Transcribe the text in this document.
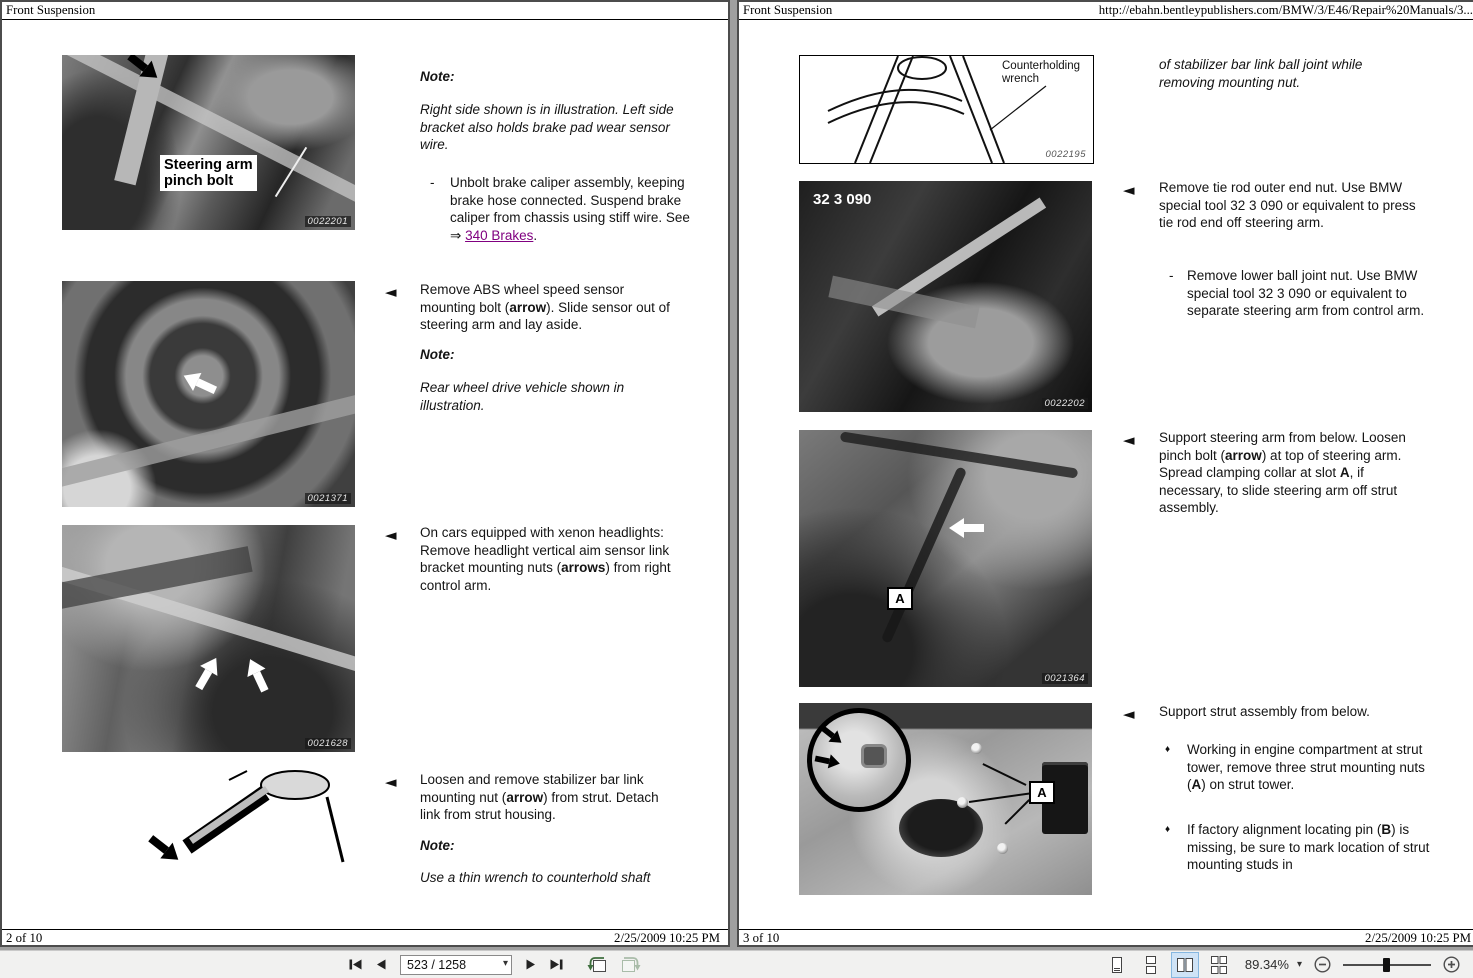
Front Suspension
Steering arm
pinch bolt
0022201
0021371
0021628
Note:
Right side shown is in illustration. Left side bracket also holds brake pad wear sensor wire.
- Unbolt brake caliper assembly, keeping brake hose connected. Suspend brake caliper from chassis using stiff wire. See ⇒ 340 Brakes.
◄ Remove ABS wheel speed sensor mounting bolt (arrow). Slide sensor out of steering arm and lay aside.
Note:
Rear wheel drive vehicle shown in illustration.
◄ On cars equipped with xenon headlights: Remove headlight vertical aim sensor link bracket mounting nuts (arrows) from right control arm.
◄ Loosen and remove stabilizer bar link mounting nut (arrow) from strut. Detach link from strut housing.
Note:
Use a thin wrench to counterhold shaft
2 of 10	2/25/2009 10:25 PM
Front Suspension	http://ebahn.bentleypublishers.com/BMW/3/E46/Repair%20Manuals/3...
Counterholding
wrench
0022195
32 3 090
0022202
A
0021364
A
of stabilizer bar link ball joint while removing mounting nut.
◄ Remove tie rod outer end nut. Use BMW special tool 32 3 090 or equivalent to press tie rod end off steering arm.
- Remove lower ball joint nut. Use BMW special tool 32 3 090 or equivalent to separate steering arm from control arm.
◄ Support steering arm from below. Loosen pinch bolt (arrow) at top of steering arm. Spread clamping collar at slot A, if necessary, to slide steering arm off strut assembly.
◄ Support strut assembly from below.
♦ Working in engine compartment at strut tower, remove three strut mounting nuts (A) on strut tower.
♦ If factory alignment locating pin (B) is missing, be sure to mark location of strut mounting studs in
3 of 10	2/25/2009 10:25 PM
523 / 1258
▾	89.34% ▾
